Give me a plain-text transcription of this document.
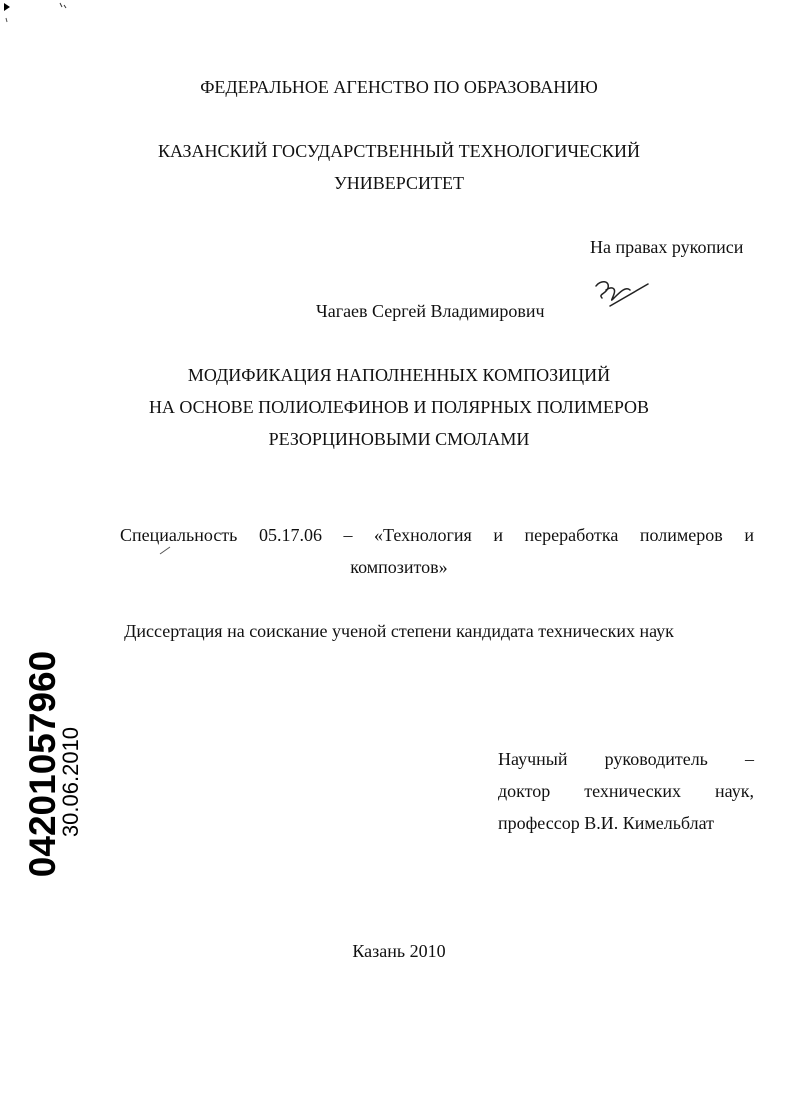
ФЕДЕРАЛЬНОЕ АГЕНСТВО ПО ОБРАЗОВАНИЮ
КАЗАНСКИЙ ГОСУДАРСТВЕННЫЙ ТЕХНОЛОГИЧЕСКИЙ
УНИВЕРСИТЕТ
На правах рукописи
Чагаев Сергей Владимирович
МОДИФИКАЦИЯ НАПОЛНЕННЫХ КОМПОЗИЦИЙ
НА ОСНОВЕ ПОЛИОЛЕФИНОВ И ПОЛЯРНЫХ ПОЛИМЕРОВ
РЕЗОРЦИНОВЫМИ СМОЛАМИ
Специальность 05.17.06 – «Технология и переработка полимеров и
композитов»
Диссертация на соискание ученой степени кандидата технических наук
Научный руководитель –
доктор технических наук,
профессор В.И. Кимельблат
Казань 2010
04201057960
30.06.2010
